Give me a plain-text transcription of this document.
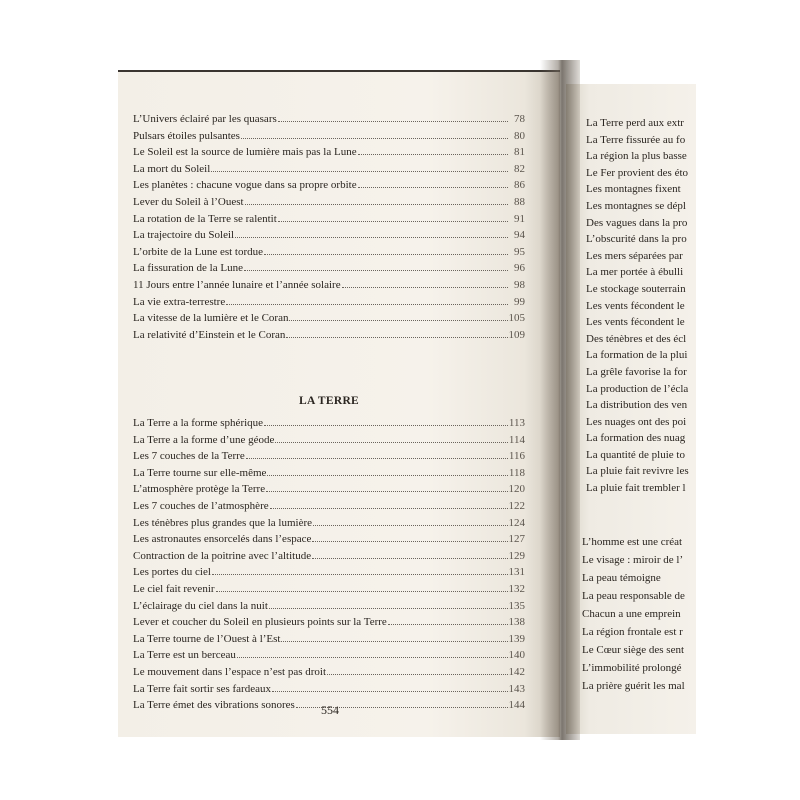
L’Univers éclairé par les quasars	78
Pulsars étoiles pulsantes	80
Le Soleil est la source de lumière mais pas la Lune	81
La mort du Soleil	82
Les planètes : chacune vogue dans sa propre orbite	86
Lever du Soleil à l’Ouest	88
La rotation de la Terre se ralentit	91
La trajectoire du Soleil	94
L’orbite de la Lune est tordue	95
La fissuration de la Lune	96
11 Jours entre l’année lunaire et l’année solaire	98
La vie extra-terrestre	99
La vitesse de la lumière et le Coran	105
La relativité d’Einstein et le Coran	109
LA TERRE
La Terre a la forme sphérique	113
La Terre a la forme d’une géode	114
Les 7 couches de la Terre	116
La Terre tourne sur elle-même	118
L’atmosphère protège la Terre	120
Les 7 couches de l’atmosphère	122
Les ténèbres plus grandes que la lumière	124
Les astronautes ensorcelés dans l’espace	127
Contraction de la poitrine avec l’altitude	129
Les portes du ciel	131
Le ciel fait revenir	132
L’éclairage du ciel dans la nuit	135
Lever et coucher du Soleil en plusieurs points sur la Terre	138
La Terre tourne de l’Ouest à l’Est	139
La Terre est un berceau	140
Le mouvement dans l’espace n’est pas droit	142
La Terre fait sortir ses fardeaux	143
La Terre émet des vibrations sonores	144
554
La Terre perd aux extr
La Terre fissurée au fo
La région la plus basse
Le Fer provient des éto
Les montagnes fixent
Les montagnes se dépl
Des vagues dans la pro
L’obscurité dans la pro
Les mers séparées par
La mer portée à ébulli
Le stockage souterrain
Les vents fécondent le
Les vents fécondent le
Des ténèbres et des écl
La formation de la plui
La grêle favorise la for
La production de l’écla
La distribution des ven
Les nuages ont des poi
La formation des nuag
La quantité de pluie to
La pluie fait revivre les
La pluie fait trembler l
L’homme est une créat
Le visage : miroir de l’
La peau témoigne
La peau responsable de
Chacun a une emprein
La région frontale est r
Le Cœur siège des sent
L’immobilité prolongé
La prière guérit les mal
